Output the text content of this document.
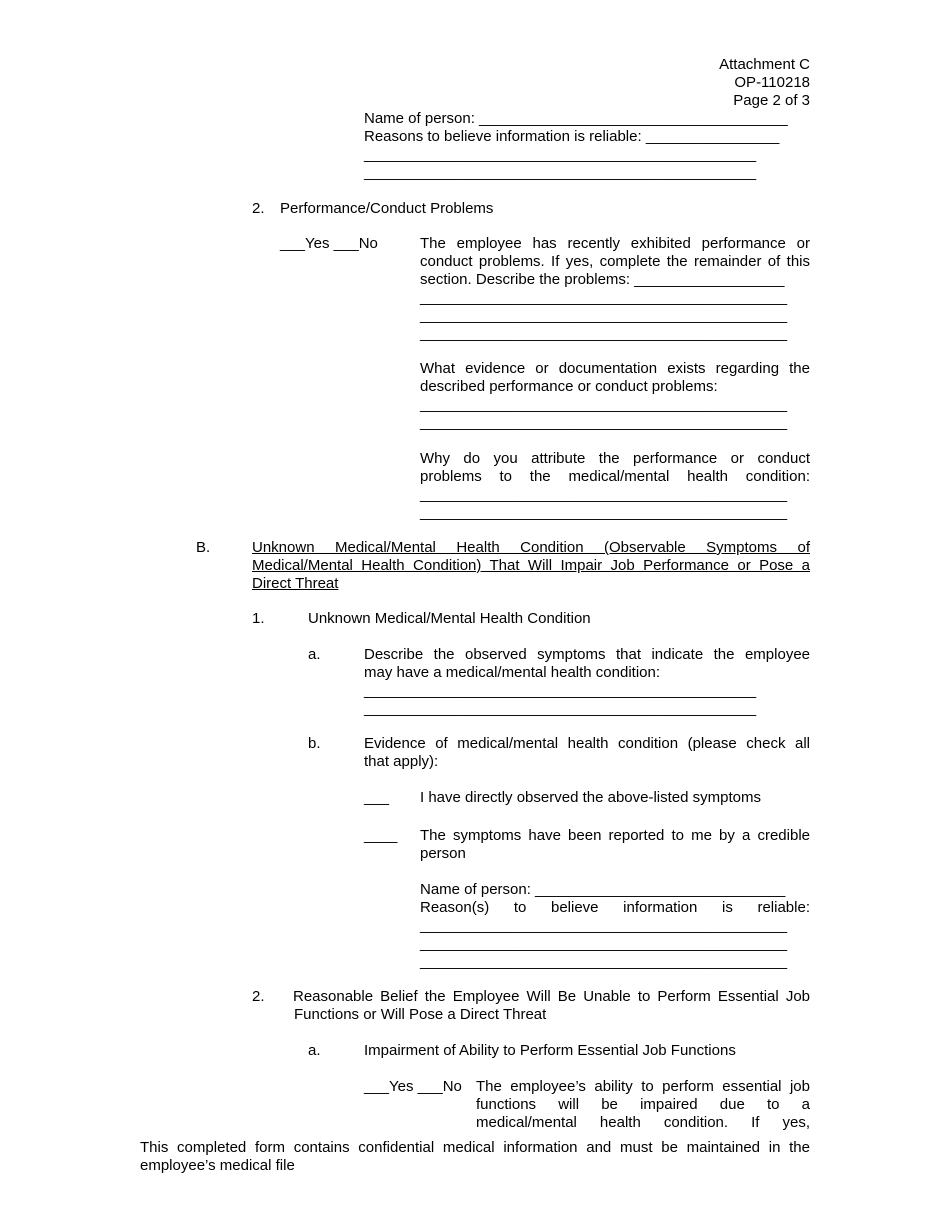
Attachment C
OP-110218
Page 2 of 3
Name of person: _____________________________________
Reasons to believe information is reliable: ________________
_______________________________________________
_______________________________________________
2. Performance/Conduct Problems
___Yes ___No	The employee has recently exhibited performance or
conduct problems. If yes, complete the remainder of this
section. Describe the problems: __________________
____________________________________________
____________________________________________
____________________________________________
What evidence or documentation exists regarding the
described performance or conduct problems:
____________________________________________
____________________________________________
Why do you attribute the performance or conduct
problems to the medical/mental health condition:
____________________________________________
____________________________________________
B.	Unknown Medical/Mental Health Condition (Observable Symptoms of
Medical/Mental Health Condition) That Will Impair Job Performance or Pose a
Direct Threat
1.	Unknown Medical/Mental Health Condition
a.	Describe the observed symptoms that indicate the employee
may have a medical/mental health condition:
_______________________________________________
_______________________________________________
b.	Evidence of medical/mental health condition (please check all
that apply):
___ I have directly observed the above-listed symptoms
____ The symptoms have been reported to me by a credible
person
Name of person: ______________________________
Reason(s) to believe information is reliable:
____________________________________________
____________________________________________
____________________________________________
2. Reasonable Belief the Employee Will Be Unable to Perform Essential Job
Functions or Will Pose a Direct Threat
a.	Impairment of Ability to Perform Essential Job Functions
___Yes ___No The employee’s ability to perform essential job
functions will be impaired due to a
medical/mental health condition. If yes,
This completed form contains confidential medical information and must be maintained in the
employee’s medical file
